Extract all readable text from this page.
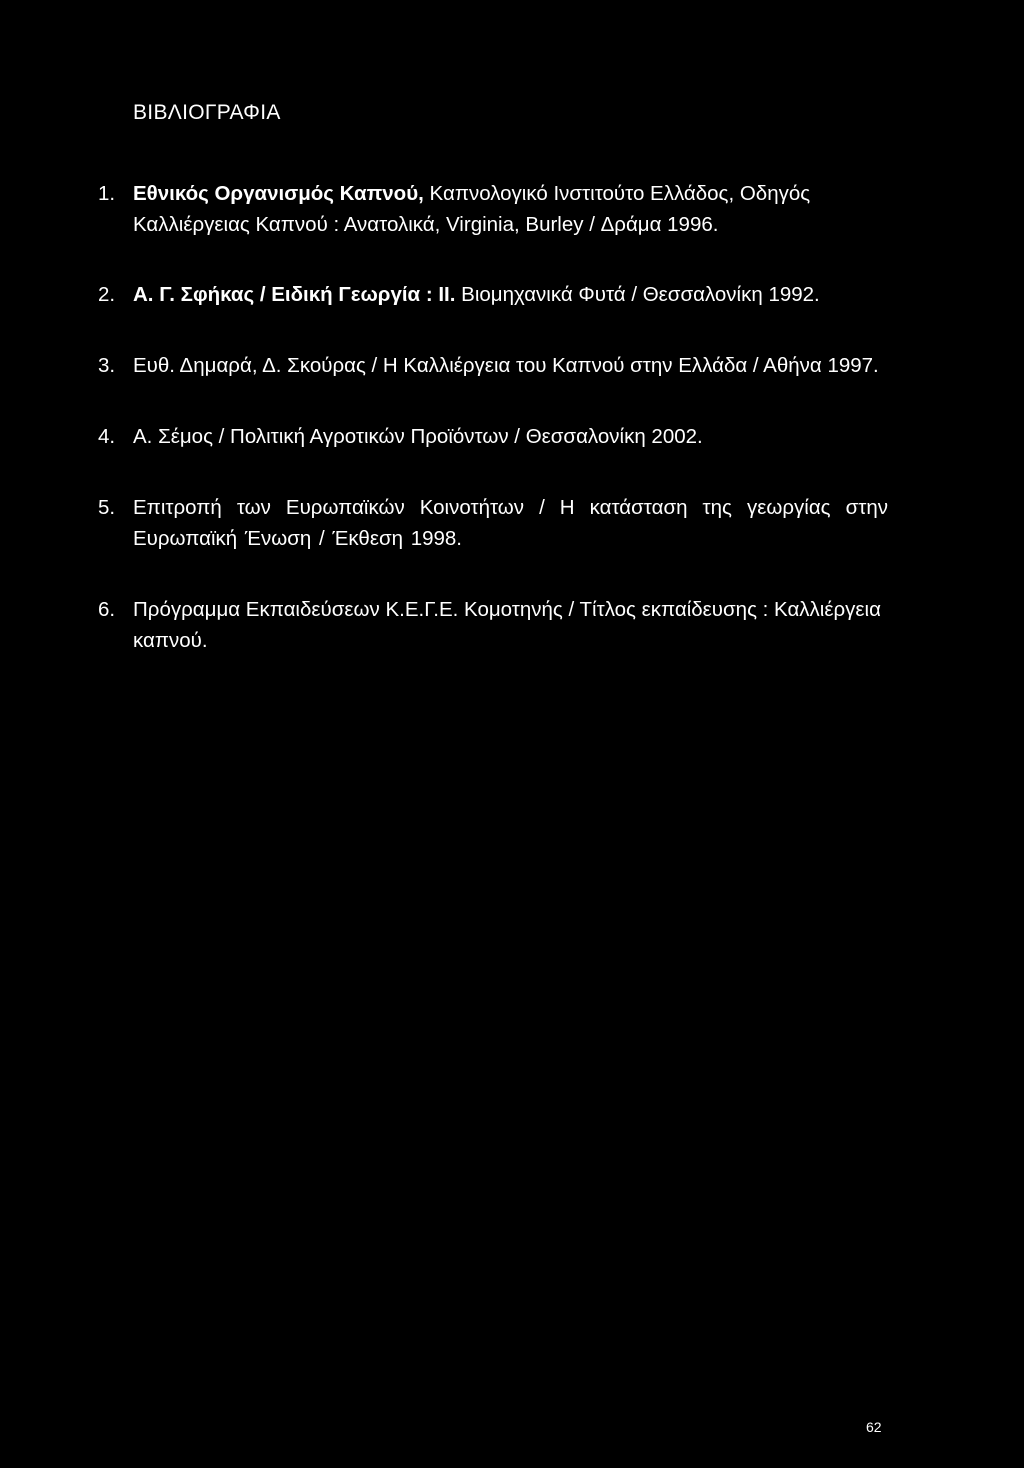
ΒΙΒΛΙΟΓΡΑΦΙΑ
1. Εθνικός Οργανισμός Καπνού, Καπνολογικό Ινστιτούτο Ελλάδος, Οδηγός Καλλιέργειας Καπνού : Ανατολικά, Virginia, Burley / Δράμα 1996.
2. Α. Γ. Σφήκας / Ειδική Γεωργία : II. Βιομηχανικά Φυτά / Θεσσαλονίκη 1992.
3. Ευθ. Δημαρά, Δ. Σκούρας / Η Καλλιέργεια του Καπνού στην Ελλάδα / Αθήνα 1997.
4. Α. Σέμος / Πολιτική Αγροτικών Προϊόντων / Θεσσαλονίκη 2002.
5. Επιτροπή των Ευρωπαϊκών Κοινοτήτων / Η κατάσταση της γεωργίας στην Ευρωπαϊκή Ένωση / Έκθεση 1998.
6. Πρόγραμμα Εκπαιδεύσεων Κ.Ε.Γ.Ε. Κομοτηνής / Τίτλος εκπαίδευσης : Καλλιέργεια καπνού.
62
